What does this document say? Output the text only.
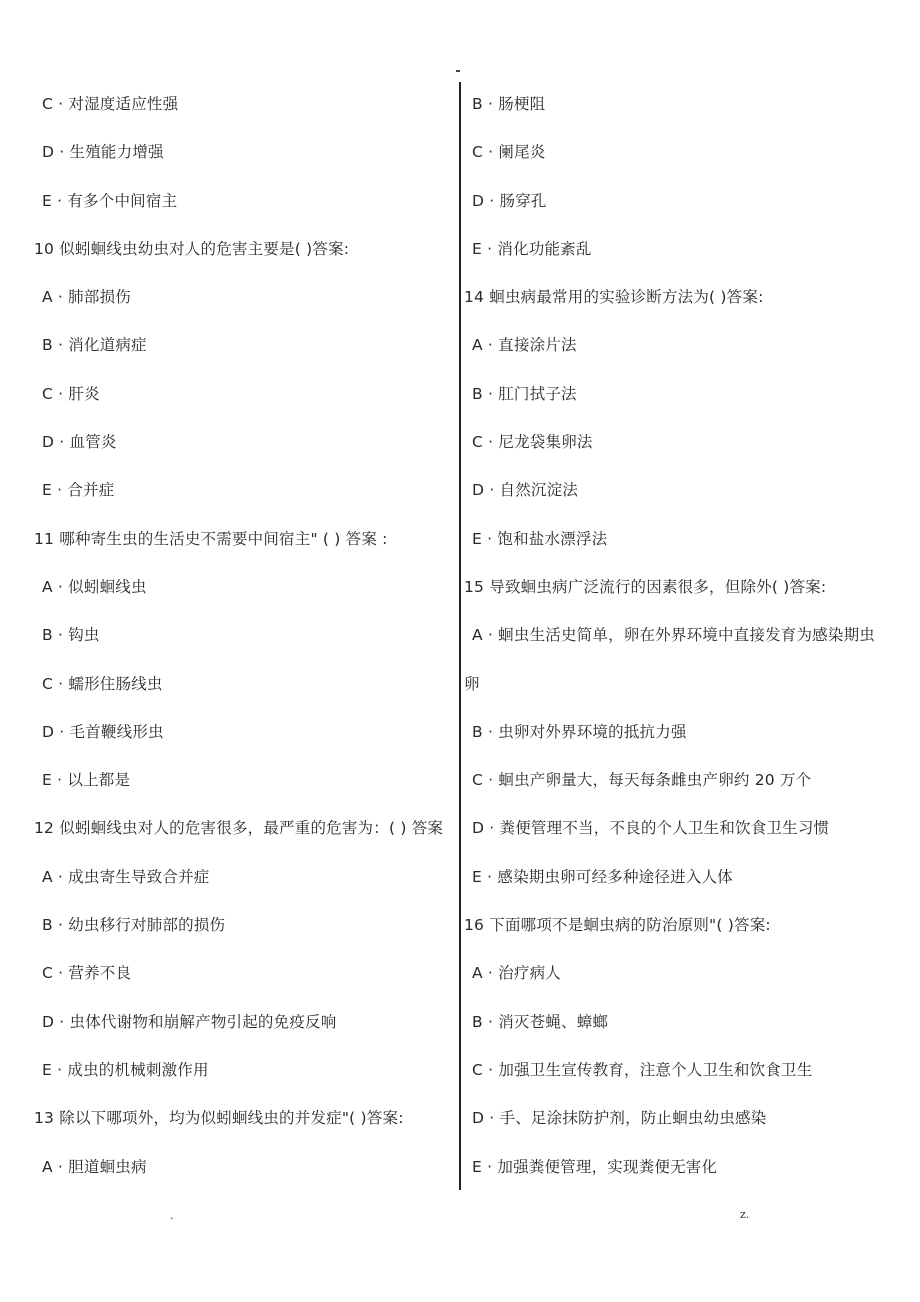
C · 对湿度适应性强
D · 生殖能力增强
E · 有多个中间宿主
10 似蚓蛔线虫幼虫对人的危害主要是( )答案:
A · 肺部损伤
B · 消化道病症
C · 肝炎
D · 血管炎
E · 合并症
11 哪种寄生虫的生活史不需要中间宿主" ( ) 答案 :
A · 似蚓蛔线虫
B · 钩虫
C · 蠕形住肠线虫
D · 毛首鞭线形虫
E · 以上都是
12 似蚓蛔线虫对人的危害很多，最严重的危害为：( ) 答案
A · 成虫寄生导致合并症
B · 幼虫移行对肺部的损伤
C · 营养不良
D · 虫体代谢物和崩解产物引起的免疫反响
E · 成虫的机械刺激作用
13 除以下哪项外，均为似蚓蛔线虫的并发症"( )答案:
A · 胆道蛔虫病
B · 肠梗阻
C · 阑尾炎
D · 肠穿孔
E · 消化功能紊乱
14 蛔虫病最常用的实验诊断方法为( )答案:
A · 直接涂片法
B · 肛门拭子法
C · 尼龙袋集卵法
D · 自然沉淀法
E · 饱和盐水漂浮法
15 导致蛔虫病广泛流行的因素很多，但除外( )答案:
A · 蛔虫生活史简单，卵在外界环境中直接发育为感染期虫
卵
B · 虫卵对外界环境的抵抗力强
C · 蛔虫产卵量大，每天每条雌虫产卵约 20 万个
D · 粪便管理不当，不良的个人卫生和饮食卫生习惯
E · 感染期虫卵可经多种途径进入人体
16 下面哪项不是蛔虫病的防治原则"( )答案:
A · 治疗病人
B · 消灭苍蝇、蟑螂
C · 加强卫生宣传教育，注意个人卫生和饮食卫生
D · 手、足涂抹防护剂，防止蛔虫幼虫感染
E · 加强粪便管理，实现粪便无害化
.	z.
